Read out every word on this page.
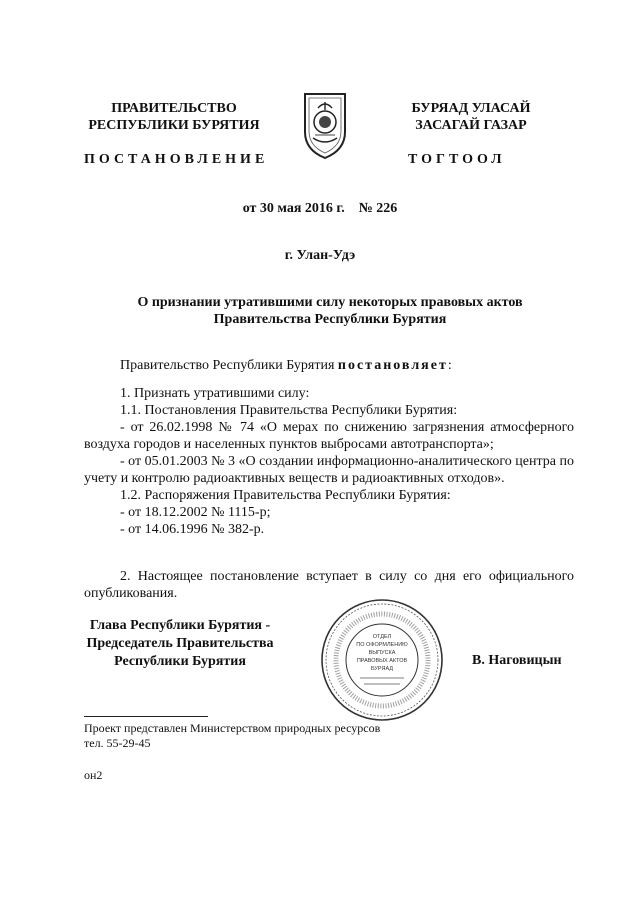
ПРАВИТЕЛЬСТВО
РЕСПУБЛИКИ БУРЯТИЯ
БУРЯАД УЛАСАЙ
ЗАСАГАЙ ГАЗАР
ПОСТАНОВЛЕНИЕ	ТОГТООЛ
от 30 мая 2016 г. № 226
г. Улан-Удэ
О признании утратившими силу некоторых правовых актов
Правительства Республики Бурятия

Правительство Республики Бурятия постановляет:

1. Признать утратившими силу:

1.1. Постановления Правительства Республики Бурятия:

- от 26.02.1998 № 74 «О мерах по снижению загрязнения атмосферного воздуха городов и населенных пунктов выбросами автотранспорта»;

- от 05.01.2003 № 3 «О создании информационно-аналитического центра по учету и контролю радиоактивных веществ и радиоактивных отходов».

1.2. Распоряжения Правительства Республики Бурятия:

- от 18.12.2002 № 1115-р;

- от 14.06.1996 № 382-р.

2. Настоящее постановление вступает в силу со дня его официального опубликования.

Глава Республики Бурятия -
Председатель Правительства
Республики Бурятия
ОТДЕЛ
ПО ОФОРМЛЕНИЮ
ВЫПУСКА
ПРАВОВЫХ АКТОВ
БУРЯАД
В. Наговицын
Проект представлен Министерством природных ресурсов
тел. 55-29-45
он2
